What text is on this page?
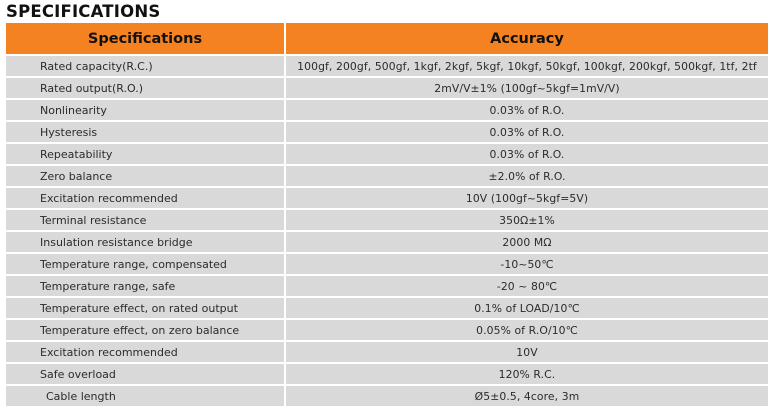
SPECIFICATIONS
Specifications	Accuracy
Rated capacity(R.C.)	100gf, 200gf, 500gf, 1kgf, 2kgf, 5kgf, 10kgf, 50kgf, 100kgf, 200kgf, 500kgf, 1tf, 2tf
Rated output(R.O.)	2mV/V±1% (100gf~5kgf=1mV/V)
Nonlinearity	0.03% of R.O.
Hysteresis	0.03% of R.O.
Repeatability	0.03% of R.O.
Zero balance	±2.0% of R.O.
Excitation recommended	10V (100gf~5kgf=5V)
Terminal resistance	350Ω±1%
Insulation resistance bridge	2000 MΩ
Temperature range, compensated	-10~50℃
Temperature range, safe	-20 ~ 80℃
Temperature effect, on rated output	0.1% of LOAD/10℃
Temperature effect, on zero balance	0.05% of R.O/10℃
Excitation recommended	10V
Safe overload	120% R.C.
Cable length	Ø5±0.5, 4core, 3m
